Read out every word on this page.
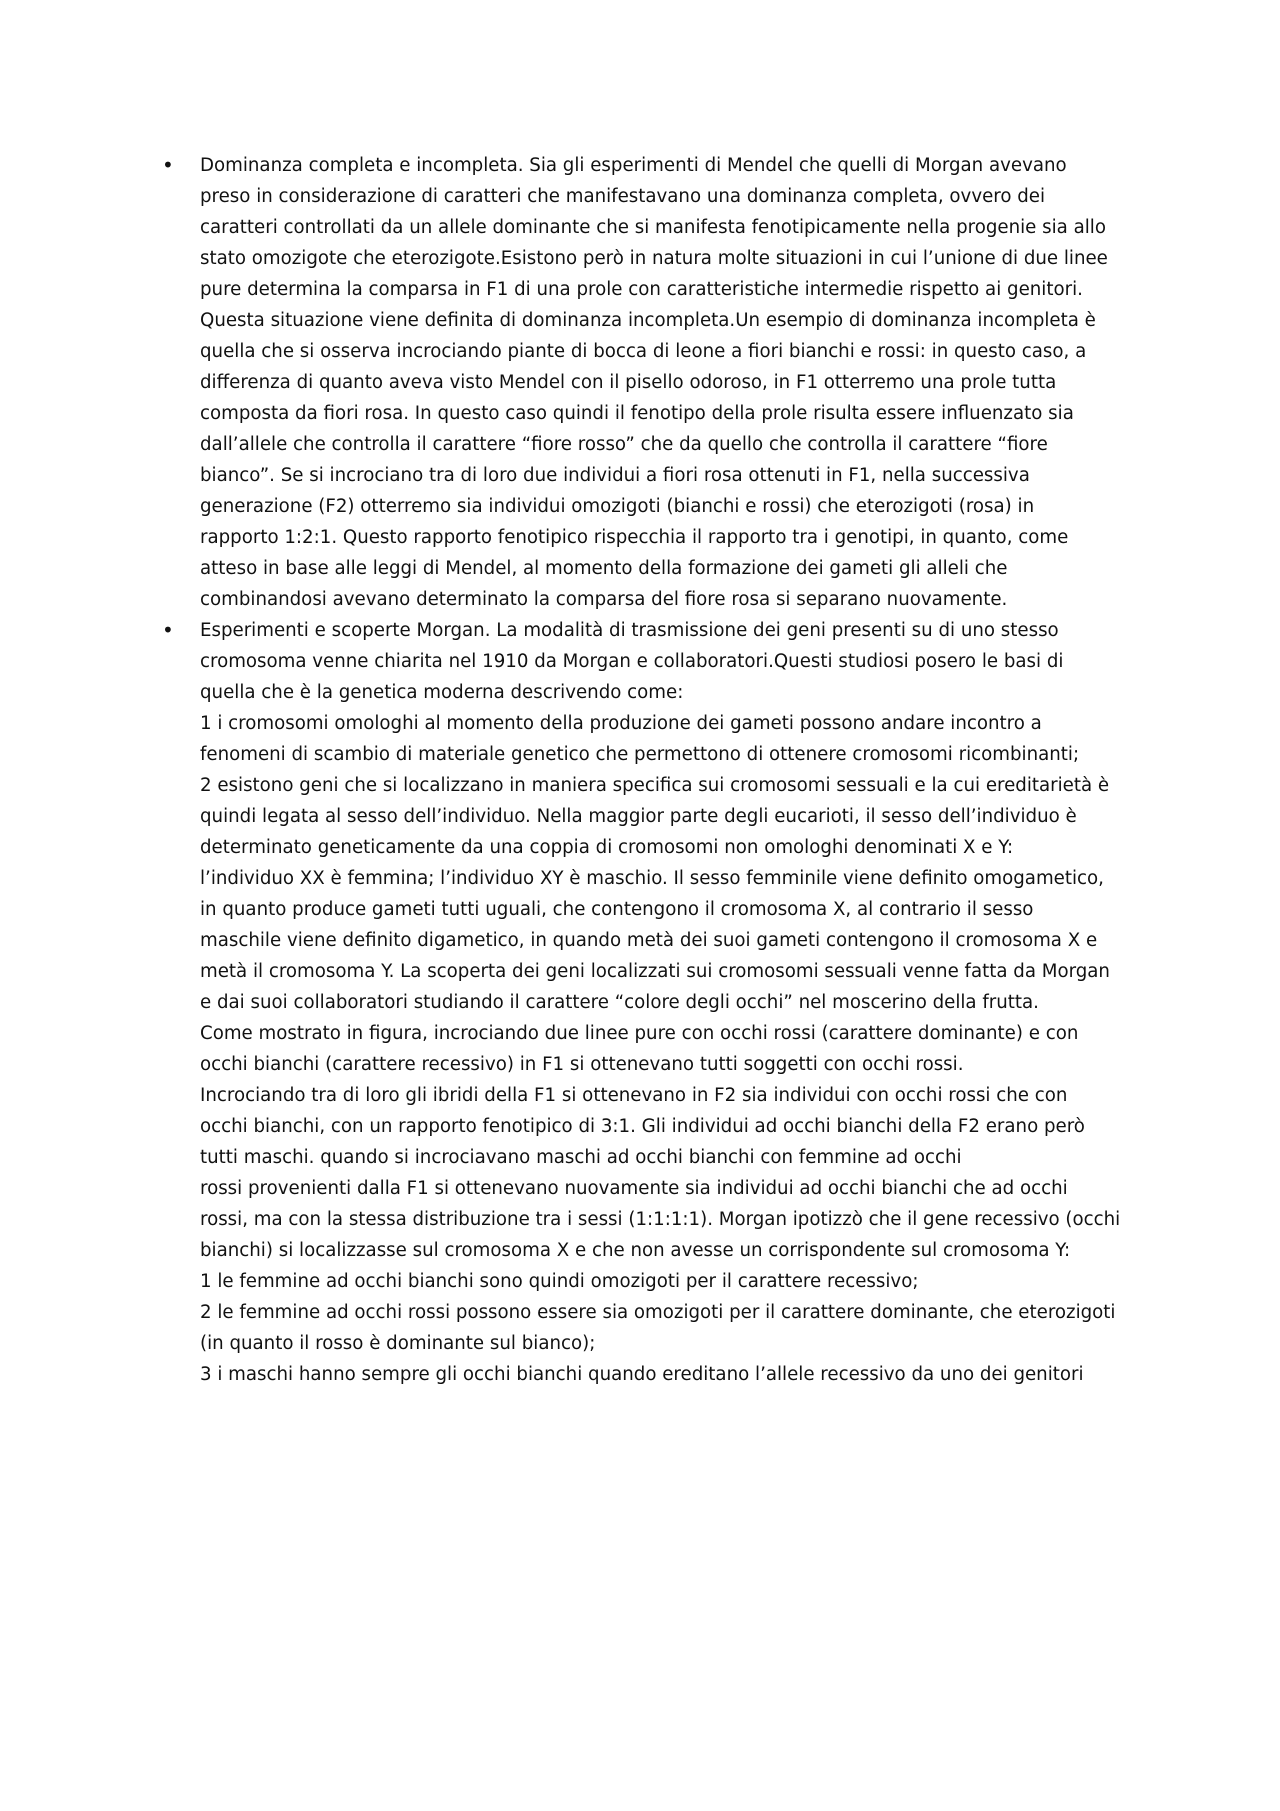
•	Dominanza completa e incompleta. Sia gli esperimenti di Mendel che quelli di Morgan avevano
preso in considerazione di caratteri che manifestavano una dominanza completa, ovvero dei
caratteri controllati da un allele dominante che si manifesta fenotipicamente nella progenie sia allo
stato omozigote che eterozigote.Esistono però in natura molte situazioni in cui l’unione di due linee
pure determina la comparsa in F1 di una prole con caratteristiche intermedie rispetto ai genitori.
Questa situazione viene definita di dominanza incompleta.Un esempio di dominanza incompleta è
quella che si osserva incrociando piante di bocca di leone a fiori bianchi e rossi: in questo caso, a
differenza di quanto aveva visto Mendel con il pisello odoroso, in F1 otterremo una prole tutta
composta da fiori rosa. In questo caso quindi il fenotipo della prole risulta essere influenzato sia
dall’allele che controlla il carattere “fiore rosso” che da quello che controlla il carattere “fiore
bianco”. Se si incrociano tra di loro due individui a fiori rosa ottenuti in F1, nella successiva
generazione (F2) otterremo sia individui omozigoti (bianchi e rossi) che eterozigoti (rosa) in
rapporto 1:2:1. Questo rapporto fenotipico rispecchia il rapporto tra i genotipi, in quanto, come
atteso in base alle leggi di Mendel, al momento della formazione dei gameti gli alleli che
combinandosi avevano determinato la comparsa del fiore rosa si separano nuovamente.
•	Esperimenti e scoperte Morgan. La modalità di trasmissione dei geni presenti su di uno stesso
cromosoma venne chiarita nel 1910 da Morgan e collaboratori.Questi studiosi posero le basi di
quella che è la genetica moderna descrivendo come:
1 i cromosomi omologhi al momento della produzione dei gameti possono andare incontro a
fenomeni di scambio di materiale genetico che permettono di ottenere cromosomi ricombinanti;
2 esistono geni che si localizzano in maniera specifica sui cromosomi sessuali e la cui ereditarietà è
quindi legata al sesso dell’individuo. Nella maggior parte degli eucarioti, il sesso dell’individuo è
determinato geneticamente da una coppia di cromosomi non omologhi denominati X e Y:
l’individuo XX è femmina; l’individuo XY è maschio. Il sesso femminile viene definito omogametico,
in quanto produce gameti tutti uguali, che contengono il cromosoma X, al contrario il sesso
maschile viene definito digametico, in quando metà dei suoi gameti contengono il cromosoma X e
metà il cromosoma Y. La scoperta dei geni localizzati sui cromosomi sessuali venne fatta da Morgan
e dai suoi collaboratori studiando il carattere “colore degli occhi” nel moscerino della frutta.
Come mostrato in figura, incrociando due linee pure con occhi rossi (carattere dominante) e con
occhi bianchi (carattere recessivo) in F1 si ottenevano tutti soggetti con occhi rossi.
Incrociando tra di loro gli ibridi della F1 si ottenevano in F2 sia individui con occhi rossi che con
occhi bianchi, con un rapporto fenotipico di 3:1. Gli individui ad occhi bianchi della F2 erano però
tutti maschi. quando si incrociavano maschi ad occhi bianchi con femmine ad occhi
rossi provenienti dalla F1 si ottenevano nuovamente sia individui ad occhi bianchi che ad occhi
rossi, ma con la stessa distribuzione tra i sessi (1:1:1:1). Morgan ipotizzò che il gene recessivo (occhi
bianchi) si localizzasse sul cromosoma X e che non avesse un corrispondente sul cromosoma Y:
1 le femmine ad occhi bianchi sono quindi omozigoti per il carattere recessivo;
2 le femmine ad occhi rossi possono essere sia omozigoti per il carattere dominante, che eterozigoti
(in quanto il rosso è dominante sul bianco);
3 i maschi hanno sempre gli occhi bianchi quando ereditano l’allele recessivo da uno dei genitori
